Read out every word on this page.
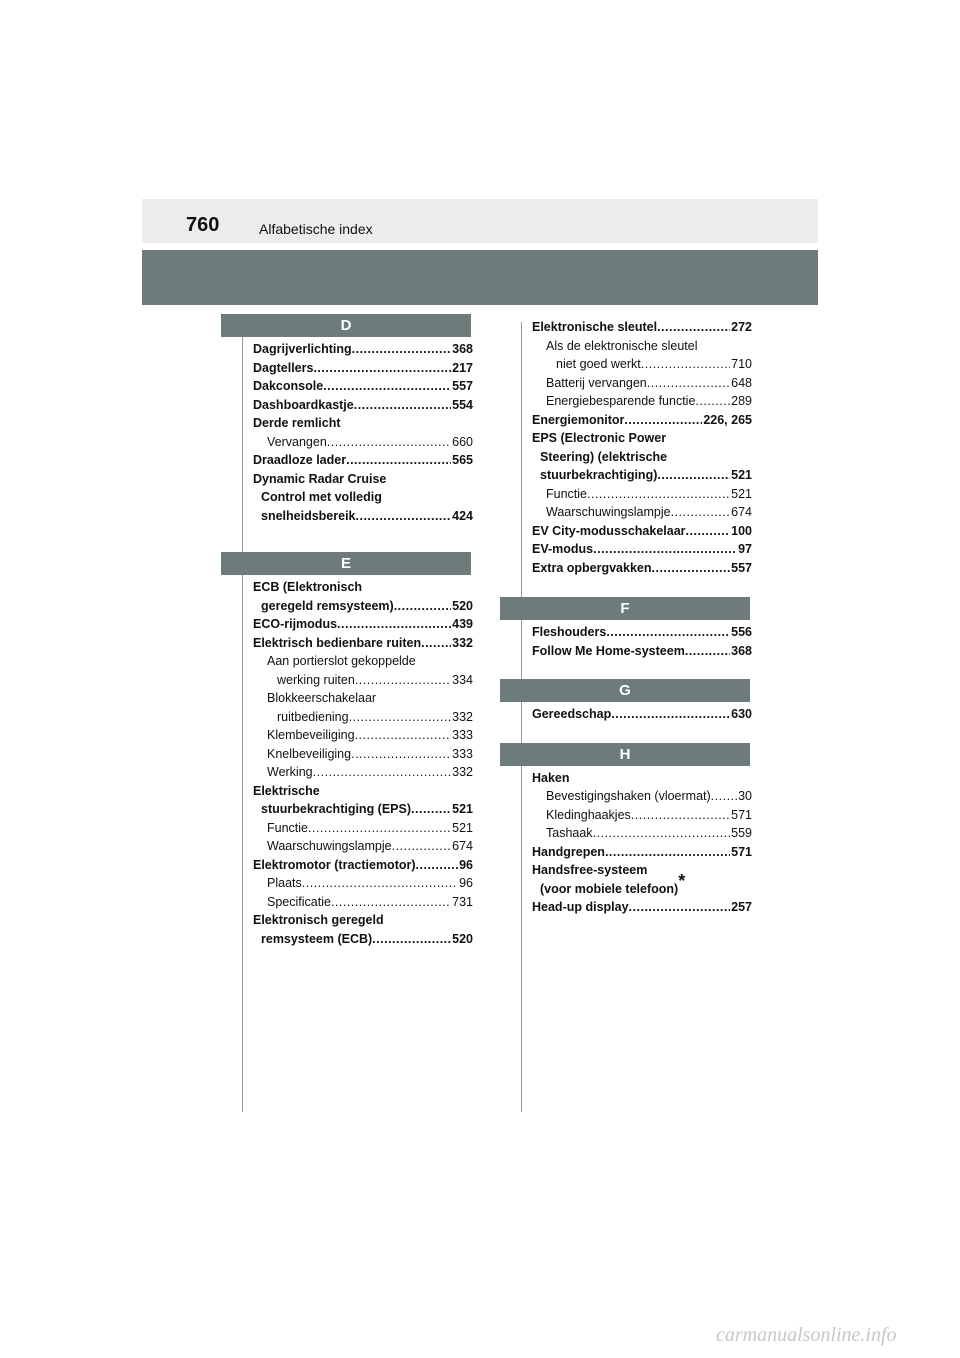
760	Alfabetische index
D
Dagrijverlichting .....	368
Dagtellers .....	217
Dakconsole .....	557
Dashboardkastje .....	554
Derde remlicht
Vervangen .....	660
Draadloze lader .....	565
Dynamic Radar Cruise
Control met volledig
snelheidsbereik .....	424
E
ECB (Elektronisch
geregeld remsysteem) .....	520
ECO-rijmodus .....	439
Elektrisch bedienbare ruiten ..... 332
Aan portierslot gekoppelde
werking ruiten .....	334
Blokkeerschakelaar
ruitbediening .....	332
Klembeveiliging .....	333
Knelbeveiliging .....	333
Werking .....	332
Elektrische
stuurbekrachtiging (EPS) .....	521
Functie .....	521
Waarschuwingslampje .....	674
Elektromotor (tractiemotor) .....	96
Plaats .....	96
Specificatie .....	731
Elektronisch geregeld
remsysteem (ECB) .....	520
Elektronische sleutel .....	272
Als de elektronische sleutel
niet goed werkt .....	710
Batterij vervangen .....	648
Energiebesparende functie .....	289
Energiemonitor .....	226, 265
EPS (Electronic Power
Steering) (elektrische
stuurbekrachtiging) .....	521
Functie .....	521
Waarschuwingslampje .....	674
EV City-modusschakelaar .....	100
EV-modus .....	97
Extra opbergvakken .....	557
F
Fleshouders .....	556
Follow Me Home-systeem .....	368
G
Gereedschap .....	630
H
Haken
Bevestigingshaken (vloermat) ..... 30
Kledinghaakjes .....	571
Tashaak .....	559
Handgrepen .....	571
Handsfree-systeem
(voor mobiele telefoon)*
Head-up display .....	257
carmanualsonline.info
